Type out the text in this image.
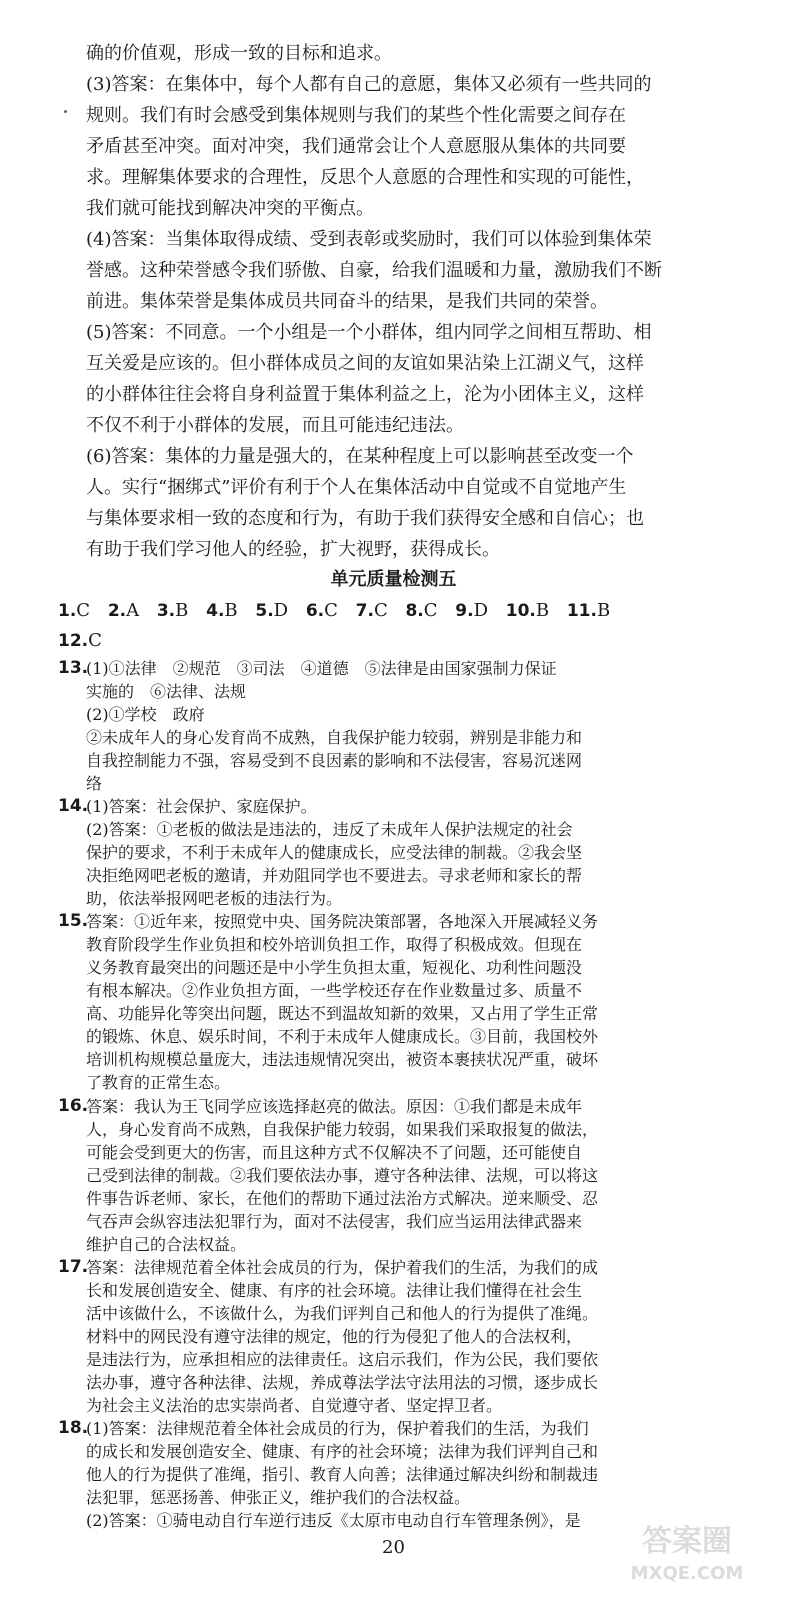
确的价值观，形成一致的目标和追求。
(3)答案：在集体中，每个人都有自己的意愿，集体又必须有一些共同的
规则。我们有时会感受到集体规则与我们的某些个性化需要之间存在
矛盾甚至冲突。面对冲突，我们通常会让个人意愿服从集体的共同要
求。理解集体要求的合理性，反思个人意愿的合理性和实现的可能性，
我们就可能找到解决冲突的平衡点。
(4)答案：当集体取得成绩、受到表彰或奖励时，我们可以体验到集体荣
誉感。这种荣誉感令我们骄傲、自豪，给我们温暖和力量，激励我们不断
前进。集体荣誉是集体成员共同奋斗的结果，是我们共同的荣誉。
(5)答案：不同意。一个小组是一个小群体，组内同学之间相互帮助、相
互关爱是应该的。但小群体成员之间的友谊如果沾染上江湖义气，这样
的小群体往往会将自身利益置于集体利益之上，沦为小团体主义，这样
不仅不利于小群体的发展，而且可能违纪违法。
(6)答案：集体的力量是强大的，在某种程度上可以影响甚至改变一个
人。实行“捆绑式”评价有利于个人在集体活动中自觉或不自觉地产生
与集体要求相一致的态度和行为，有助于我们获得安全感和自信心；也
有助于我们学习他人的经验，扩大视野，获得成长。
单元质量检测五
1.C 2.A 3.B 4.B 5.D 6.C 7.C 8.C 9.D 10.B 11.B
12.C
20	答案圈
MXQE.COM
13.
(1)①法律　②规范　③司法　④道德　⑤法律是由国家强制力保证
实施的　⑥法律、法规
(2)①学校　政府
②未成年人的身心发育尚不成熟，自我保护能力较弱，辨别是非能力和
自我控制能力不强，容易受到不良因素的影响和不法侵害，容易沉迷网
络
14.
(1)答案：社会保护、家庭保护。
(2)答案：①老板的做法是违法的，违反了未成年人保护法规定的社会
保护的要求，不利于未成年人的健康成长，应受法律的制裁。②我会坚
决拒绝网吧老板的邀请，并劝阻同学也不要进去。寻求老师和家长的帮
助，依法举报网吧老板的违法行为。
15.
答案：①近年来，按照党中央、国务院决策部署，各地深入开展减轻义务
教育阶段学生作业负担和校外培训负担工作，取得了积极成效。但现在
义务教育最突出的问题还是中小学生负担太重，短视化、功利性问题没
有根本解决。②作业负担方面，一些学校还存在作业数量过多、质量不
高、功能异化等突出问题，既达不到温故知新的效果，又占用了学生正常
的锻炼、休息、娱乐时间，不利于未成年人健康成长。③目前，我国校外
培训机构规模总量庞大，违法违规情况突出，被资本裹挟状况严重，破坏
了教育的正常生态。
16.
答案：我认为王飞同学应该选择赵亮的做法。原因：①我们都是未成年
人，身心发育尚不成熟，自我保护能力较弱，如果我们采取报复的做法，
可能会受到更大的伤害，而且这种方式不仅解决不了问题，还可能使自
己受到法律的制裁。②我们要依法办事，遵守各种法律、法规，可以将这
件事告诉老师、家长，在他们的帮助下通过法治方式解决。逆来顺受、忍
气吞声会纵容违法犯罪行为，面对不法侵害，我们应当运用法律武器来
维护自己的合法权益。
17.
答案：法律规范着全体社会成员的行为，保护着我们的生活，为我们的成
长和发展创造安全、健康、有序的社会环境。法律让我们懂得在社会生
活中该做什么，不该做什么，为我们评判自己和他人的行为提供了准绳。
材料中的网民没有遵守法律的规定，他的行为侵犯了他人的合法权利，
是违法行为，应承担相应的法律责任。这启示我们，作为公民，我们要依
法办事，遵守各种法律、法规，养成尊法学法守法用法的习惯，逐步成长
为社会主义法治的忠实崇尚者、自觉遵守者、坚定捍卫者。
18.
(1)答案：法律规范着全体社会成员的行为，保护着我们的生活，为我们
的成长和发展创造安全、健康、有序的社会环境；法律为我们评判自己和
他人的行为提供了准绳，指引、教育人向善；法律通过解决纠纷和制裁违
法犯罪，惩恶扬善、伸张正义，维护我们的合法权益。
(2)答案：①骑电动自行车逆行违反《太原市电动自行车管理条例》，是
